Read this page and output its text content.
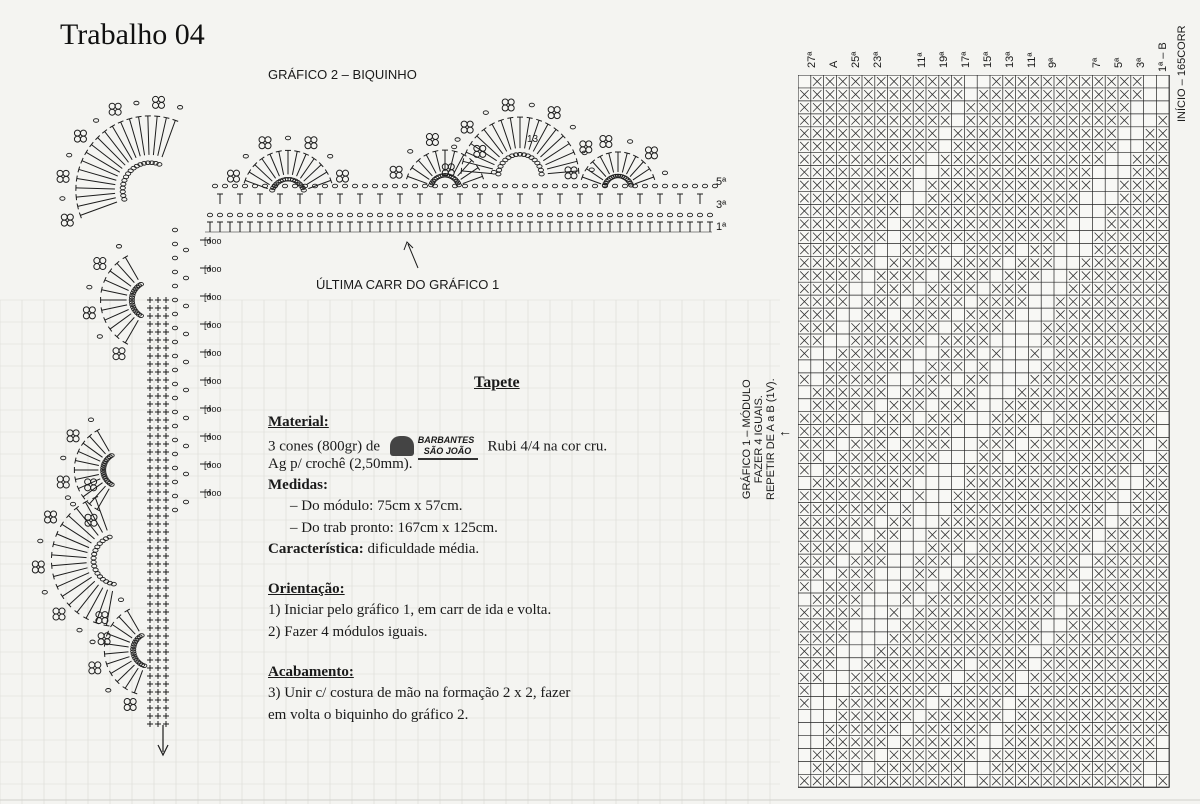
Trabalho 04
GRÁFICO 2 – BIQUINHO
[ooo
[ooo
[ooo
[ooo
[ooo
[ooo
[ooo
[ooo
[ooo
[ooo
5ª
3ª
1ª
13
ÚLTIMA CARR DO GRÁFICO 1
Tapete
Material:
3 cones (800gr) de	BARBANTES
SÃO JOÃO Rubi 4/4 na cor cru.
Ag p/ crochê (2,50mm).
Medidas:
– Do módulo: 75cm x 57cm.
– Do trab pronto: 167cm x 125cm.
Característica: dificuldade média.
Orientação:
1) Iniciar pelo gráfico 1, em carr de ida e volta.
2) Fazer 4 módulos iguais.
Acabamento:
3) Unir c/ costura de mão na formação 2 x 2, fazer
em volta o biquinho do gráfico 2.
GRÁFICO 1 – MÓDULO FAZER 4 IGUAIS. REPETIR DE A a B (1V). ←
INÍCIO – 165CORR
27ª A 25ª 23ª	11ª 19ª 17ª 15ª 13ª 11ª 9ª	7ª 5ª 3ª 1ª – B
